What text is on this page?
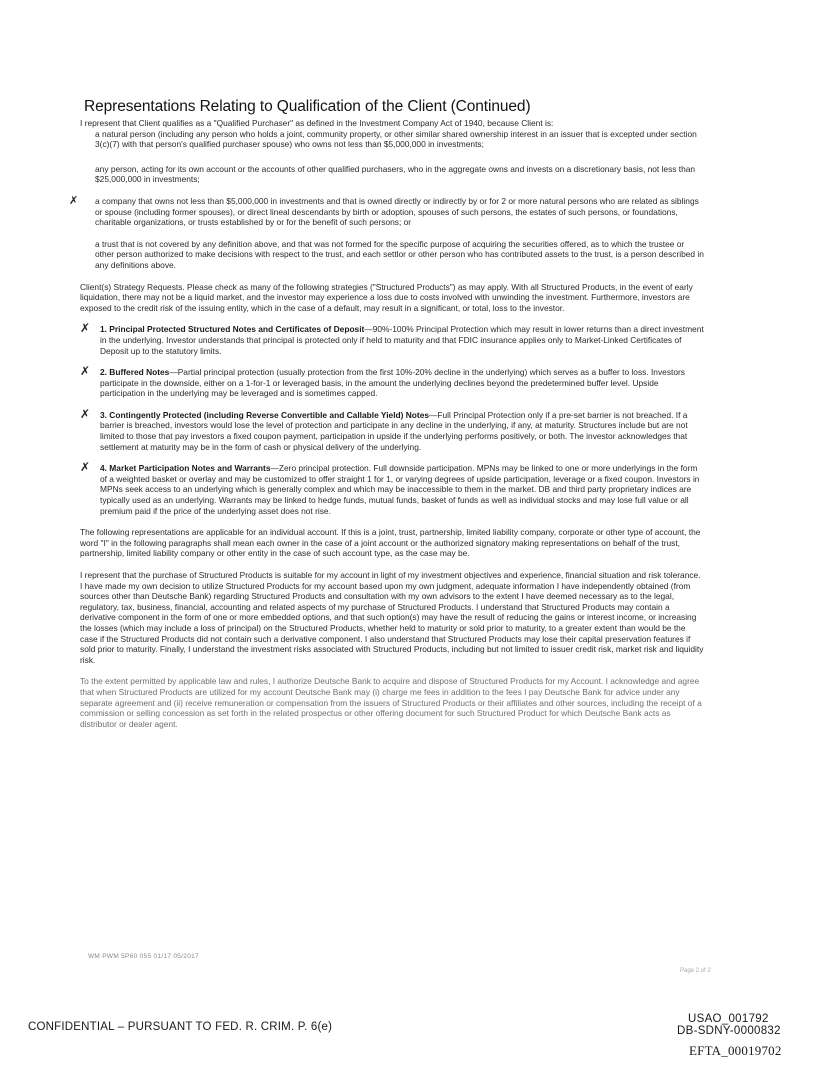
Representations Relating to Qualification of the Client (Continued)

I represent that Client qualifies as a "Qualified Purchaser" as defined in the Investment Company Act of 1940, because Client is:

a natural person (including any person who holds a joint, community property, or other similar shared ownership interest in an issuer that is excepted under section 3(c)(7) with that person's qualified purchaser spouse) who owns not less than $5,000,000 in investments;

any person, acting for its own account or the accounts of other qualified purchasers, who in the aggregate owns and invests on a discretionary basis, not less than $25,000,000 in investments;

✗ a company that owns not less than $5,000,000 in investments and that is owned directly or indirectly by or for 2 or more natural persons who are related as siblings or spouse (including former spouses), or direct lineal descendants by birth or adoption, spouses of such persons, the estates of such persons, or foundations, charitable organizations, or trusts established by or for the benefit of such persons; or

a trust that is not covered by any definition above, and that was not formed for the specific purpose of acquiring the securities offered, as to which the trustee or other person authorized to make decisions with respect to the trust, and each settlor or other person who has contributed assets to the trust, is a person described in any definitions above.

Client(s) Strategy Requests. Please check as many of the following strategies ("Structured Products") as may apply. With all Structured Products, in the event of early liquidation, there may not be a liquid market, and the investor may experience a loss due to costs involved with unwinding the investment. Furthermore, investors are exposed to the credit risk of the issuing entity, which in the case of a default, may result in a significant, or total, loss to the investor.

✗ 1. Principal Protected Structured Notes and Certificates of Deposit—90%-100% Principal Protection which may result in lower returns than a direct investment in the underlying. Investor understands that principal is protected only if held to maturity and that FDIC insurance applies only to Market-Linked Certificates of Deposit up to the statutory limits.

✗ 2. Buffered Notes—Partial principal protection (usually protection from the first 10%-20% decline in the underlying) which serves as a buffer to loss. Investors participate in the downside, either on a 1-for-1 or leveraged basis, in the amount the underlying declines beyond the predetermined buffer level. Upside participation in the underlying may be leveraged and is sometimes capped.

✗ 3. Contingently Protected (including Reverse Convertible and Callable Yield) Notes—Full Principal Protection only if a pre-set barrier is not breached. If a barrier is breached, investors would lose the level of protection and participate in any decline in the underlying, if any, at maturity. Structures include but are not limited to those that pay investors a fixed coupon payment, participation in upside if the underlying performs positively, or both. The investor acknowledges that settlement at maturity may be in the form of cash or physical delivery of the underlying.

✗ 4. Market Participation Notes and Warrants—Zero principal protection. Full downside participation. MPNs may be linked to one or more underlyings in the form of a weighted basket or overlay and may be customized to offer straight 1 for 1, or varying degrees of upside participation, leverage or a fixed coupon. Investors in MPNs seek access to an underlying which is generally complex and which may be inaccessible to them in the market. DB and third party proprietary indices are typically used as an underlying. Warrants may be linked to hedge funds, mutual funds, basket of funds as well as individual stocks and may lose full value or all premium paid if the price of the underlying asset does not rise.

The following representations are applicable for an individual account. If this is a joint, trust, partnership, limited liability company, corporate or other type of account, the word "I" in the following paragraphs shall mean each owner in the case of a joint account or the authorized signatory making representations on behalf of the trust, partnership, limited liability company or other entity in the case of such account type, as the case may be.

I represent that the purchase of Structured Products is suitable for my account in light of my investment objectives and experience, financial situation and risk tolerance. I have made my own decision to utilize Structured Products for my account based upon my own judgment, adequate information I have independently obtained (from sources other than Deutsche Bank) regarding Structured Products and consultation with my own advisors to the extent I have deemed necessary as to the legal, regulatory, tax, business, financial, accounting and related aspects of my purchase of Structured Products. I understand that Structured Products may contain a derivative component in the form of one or more embedded options, and that such option(s) may have the result of reducing the gains or interest income, or increasing the losses (which may include a loss of principal) on the Structured Products, whether held to maturity or sold prior to maturity, to a greater extent than would be the case if the Structured Products did not contain such a derivative component. I also understand that Structured Products may lose their capital preservation features if sold prior to maturity. Finally, I understand the investment risks associated with Structured Products, including but not limited to issuer credit risk, market risk and liquidity risk.

To the extent permitted by applicable law and rules, I authorize Deutsche Bank to acquire and dispose of Structured Products for my Account. I acknowledge and agree that when Structured Products are utilized for my account Deutsche Bank may (i) charge me fees in addition to the fees I pay Deutsche Bank for advice under any separate agreement and (ii) receive remuneration or compensation from the issuers of Structured Products or their affiliates and other sources, including the receipt of a commission or selling concession as set forth in the related prospectus or other offering document for such Structured Product for which Deutsche Bank acts as distributor or dealer agent.

WM PWM 5P60 055 01/17 05/2017
Page 2 of 2
CONFIDENTIAL – PURSUANT TO FED. R. CRIM. P. 6(e)
USAO_001792
DB-SDNY-0000832
EFTA_00019702
